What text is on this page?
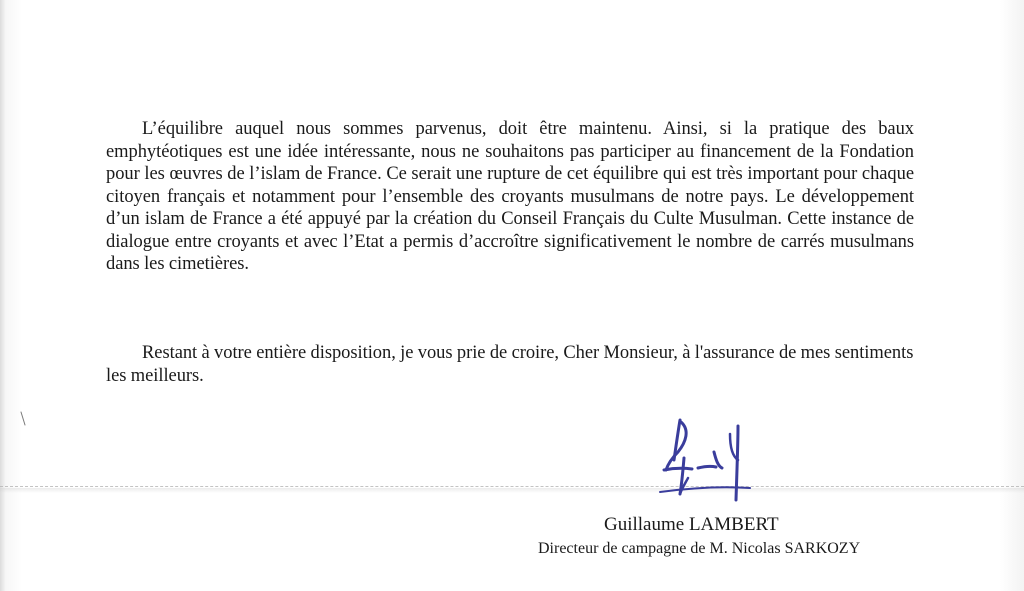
L’équilibre auquel nous sommes parvenus, doit être maintenu. Ainsi, si la pratique des baux emphytéotiques est une idée intéressante, nous ne souhaitons pas participer au financement de la Fondation pour les œuvres de l’islam de France. Ce serait une rupture de cet équilibre qui est très important pour chaque citoyen français et notamment pour l’ensemble des croyants musulmans de notre pays. Le développement d’un islam de France a été appuyé par la création du Conseil Français du Culte Musulman. Cette instance de dialogue entre croyants et avec l’Etat a permis d’accroître significativement le nombre de carrés musulmans dans les cimetières.

Restant à votre entière disposition, je vous prie de croire, Cher Monsieur, à l'assurance de mes sentiments les meilleurs.

Guillaume LAMBERT
Directeur de campagne de M. Nicolas SARKOZY
